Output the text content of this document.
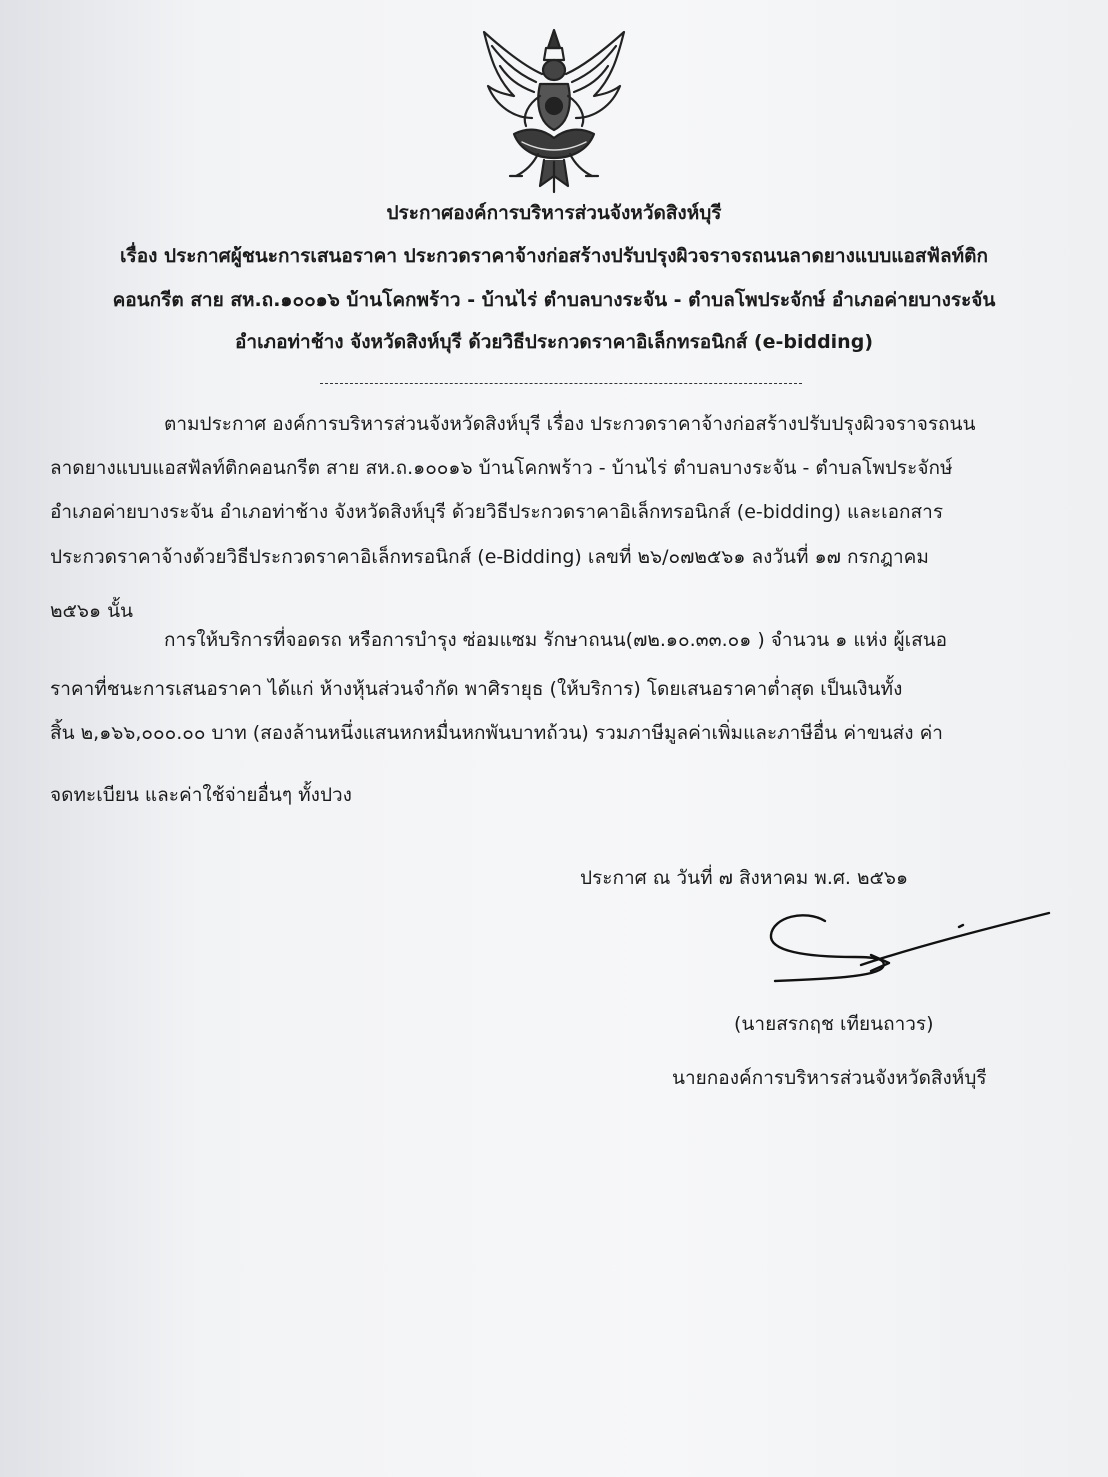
ประกาศองค์การบริหารส่วนจังหวัดสิงห์บุรี
เรื่อง ประกาศผู้ชนะการเสนอราคา ประกวดราคาจ้างก่อสร้างปรับปรุงผิวจราจรถนนลาดยางแบบแอสฟัลท์ติก
คอนกรีต สาย สห.ถ.๑๐๐๑๖ บ้านโคกพร้าว - บ้านไร่ ตำบลบางระจัน - ตำบลโพประจักษ์ อำเภอค่ายบางระจัน
อำเภอท่าช้าง จังหวัดสิงห์บุรี ด้วยวิธีประกวดราคาอิเล็กทรอนิกส์ (e-bidding)
ตามประกาศ องค์การบริหารส่วนจังหวัดสิงห์บุรี เรื่อง ประกวดราคาจ้างก่อสร้างปรับปรุงผิวจราจรถนน
ลาดยางแบบแอสฟัลท์ติกคอนกรีต สาย สห.ถ.๑๐๐๑๖ บ้านโคกพร้าว - บ้านไร่ ตำบลบางระจัน - ตำบลโพประจักษ์
อำเภอค่ายบางระจัน อำเภอท่าช้าง จังหวัดสิงห์บุรี ด้วยวิธีประกวดราคาอิเล็กทรอนิกส์ (e-bidding) และเอกสาร
ประกวดราคาจ้างด้วยวิธีประกวดราคาอิเล็กทรอนิกส์ (e-Bidding) เลขที่ ๒๖/๐๗๒๕๖๑ ลงวันที่ ๑๗ กรกฎาคม
๒๕๖๑ นั้น
การให้บริการที่จอดรถ หรือการบำรุง ซ่อมแซม รักษาถนน(๗๒.๑๐.๓๓.๐๑ ) จำนวน ๑ แห่ง ผู้เสนอ
ราคาที่ชนะการเสนอราคา ได้แก่ ห้างหุ้นส่วนจำกัด พาศิรายุธ (ให้บริการ) โดยเสนอราคาต่ำสุด เป็นเงินทั้ง
สิ้น ๒,๑๖๖,๐๐๐.๐๐ บาท (สองล้านหนึ่งแสนหกหมื่นหกพันบาทถ้วน) รวมภาษีมูลค่าเพิ่มและภาษีอื่น ค่าขนส่ง ค่า
จดทะเบียน และค่าใช้จ่ายอื่นๆ ทั้งปวง
ประกาศ ณ วันที่ ๗ สิงหาคม พ.ศ. ๒๕๖๑
(นายสรกฤช เทียนถาวร)
นายกองค์การบริหารส่วนจังหวัดสิงห์บุรี
